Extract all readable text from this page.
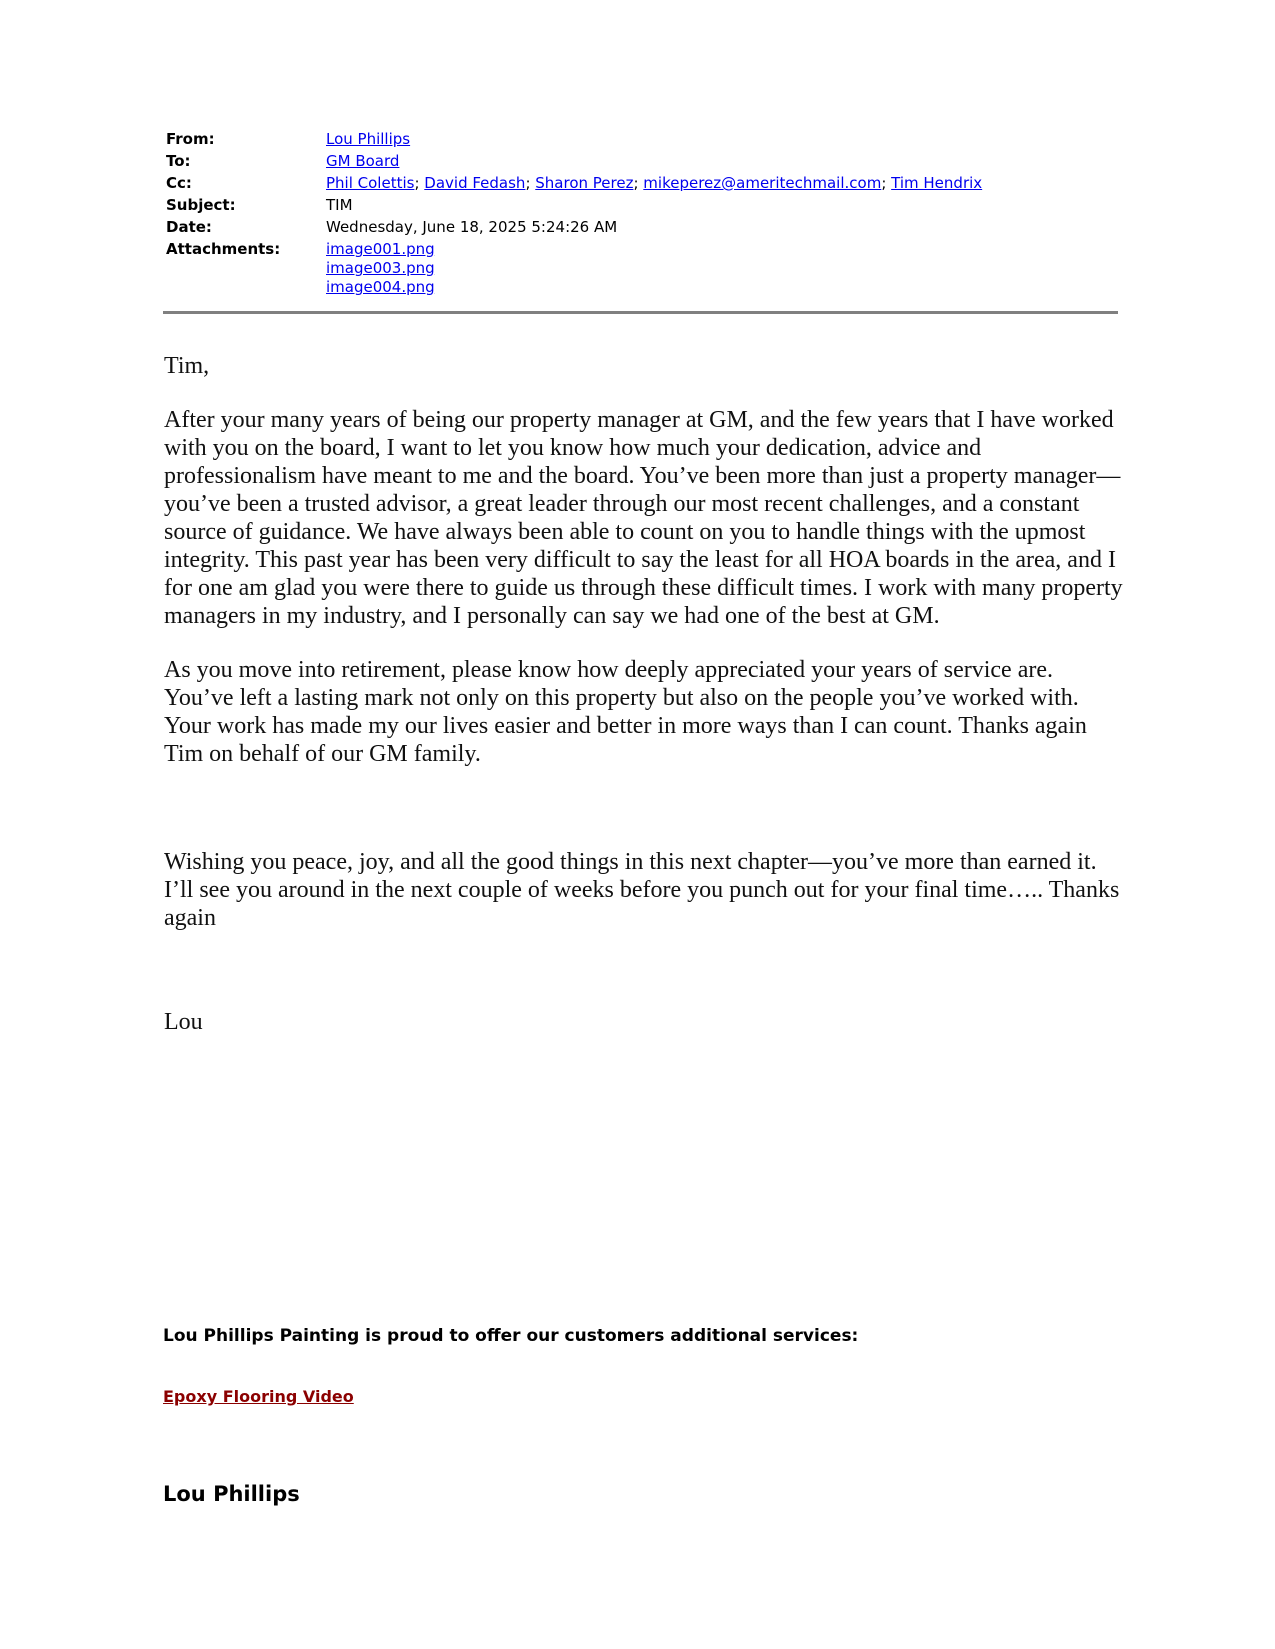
From:	Lou Phillips
To:	GM Board
Cc:	Phil Colettis; David Fedash; Sharon Perez; mikeperez@ameritechmail.com; Tim Hendrix
Subject:	TIM
Date:	Wednesday, June 18, 2025 5:24:26 AM
Attachments:	image001.png
image003.png
image004.png

Tim,

After your many years of being our property manager at GM, and the few years that I have worked with you on the board, I want to let you know how much your dedication, advice and professionalism have meant to me and the board. You’ve been more than just a property manager—you’ve been a trusted advisor, a great leader through our most recent challenges, and a constant source of guidance. We have always been able to count on you to handle things with the upmost integrity. This past year has been very difficult to say the least for all HOA boards in the area, and I for one am glad you were there to guide us through these difficult times. I work with many property managers in my industry, and I personally can say we had one of the best at GM.

As you move into retirement, please know how deeply appreciated your years of service are. You’ve left a lasting mark not only on this property but also on the people you’ve worked with. Your work has made my our lives easier and better in more ways than I can count. Thanks again Tim on behalf of our GM family.

Wishing you peace, joy, and all the good things in this next chapter—you’ve more than earned it. I’ll see you around in the next couple of weeks before you punch out for your final time….. Thanks again

Lou

Lou Phillips Painting is proud to offer our customers additional services:
Epoxy Flooring Video
Lou Phillips
